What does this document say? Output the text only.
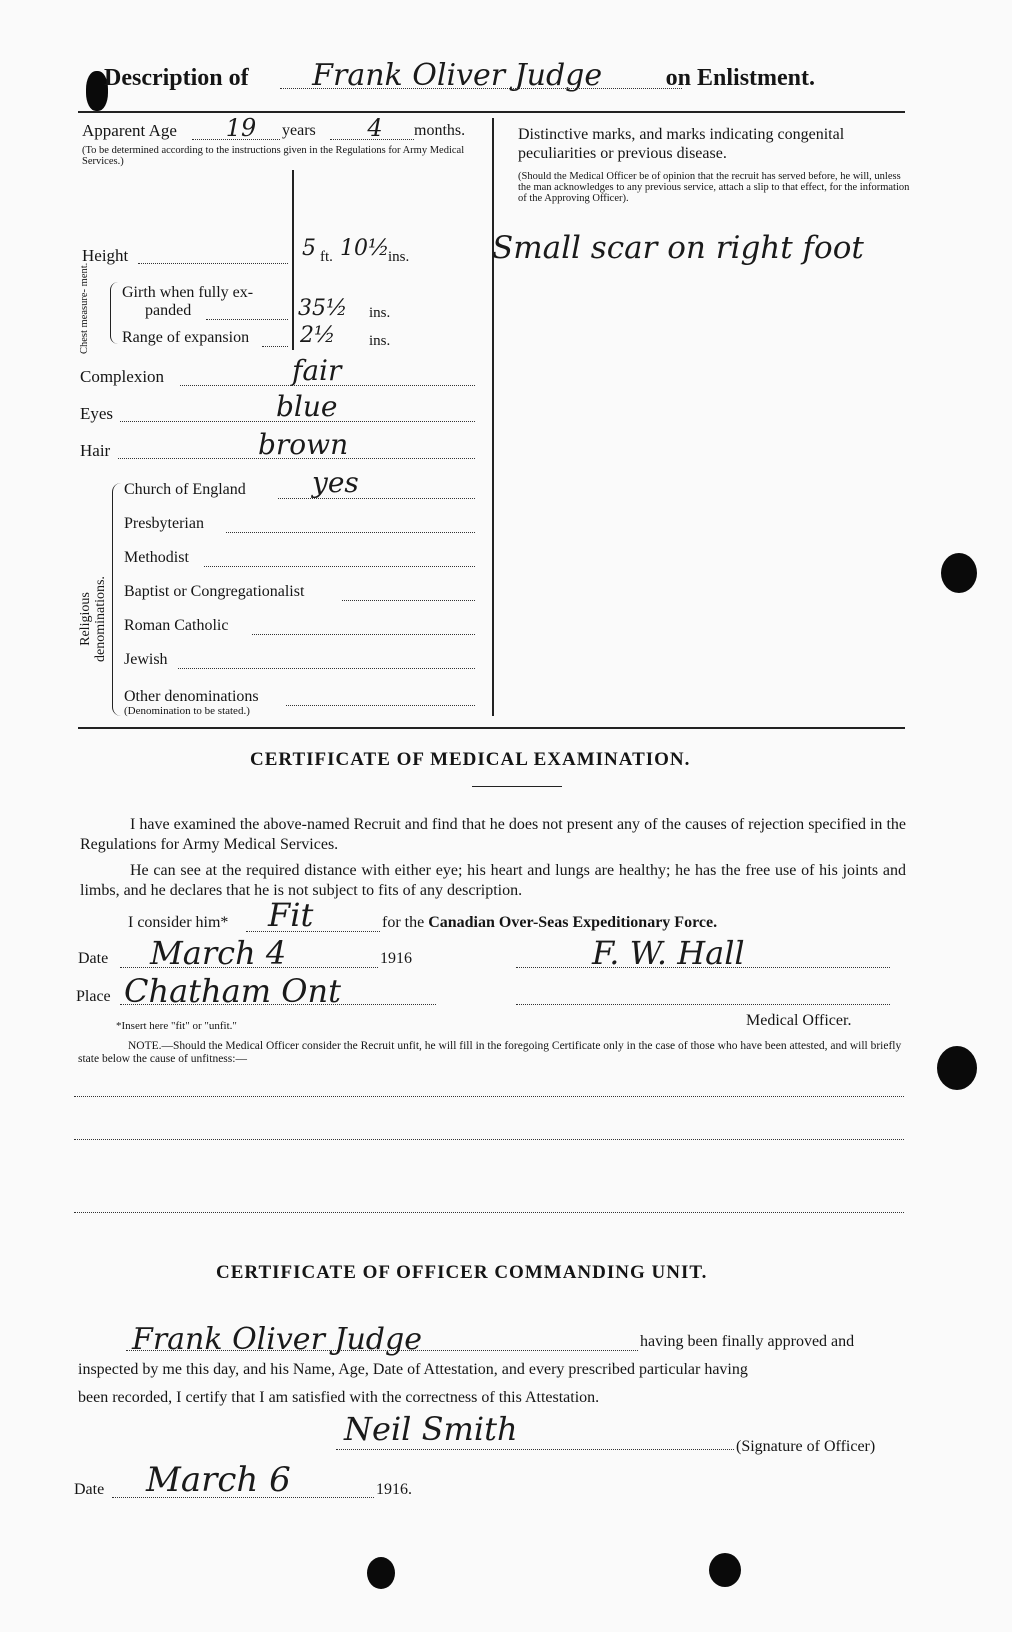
Description of Frank Oliver Judge	on Enlistment.
Apparent Age	19	years	4	months.
(To be determined according to the instructions given in the Regulations for Army Medical Services.)
Height	5 ft. 10½
ins.
Chest measure- ment.
Girth when fully ex-
panded	35½ ins.
Range of expansion 2½ ins.
Complexion	fair
Eyes	blue
Hair	brown
Religious denominations.
Church of England yes
Presbyterian
Methodist
Baptist or Congregationalist
Roman Catholic
Jewish
Other denominations
(Denomination to be stated.)
Distinctive marks, and marks indicating congenital peculiarities or previous disease.
(Should the Medical Officer be of opinion that the recruit has served before, he will, unless the man acknowledges to any previous service, attach a slip to that effect, for the information of the Approving Officer).
Small scar on right foot
CERTIFICATE OF MEDICAL EXAMINATION.
I have examined the above-named Recruit and find that he does not present any of the causes of rejection specified in the Regulations for Army Medical Services.
He can see at the required distance with either eye; his heart and lungs are healthy; he has the free use of his joints and limbs, and he declares that he is not subject to fits of any description.
I consider him* Fit	for the Canadian Over-Seas Expeditionary Force.
Date March 4	1916	F. W. Hall
Place Chatham Ont
Medical Officer.
*Insert here "fit" or "unfit."
NOTE.—Should the Medical Officer consider the Recruit unfit, he will fill in the foregoing Certificate only in the case of those who have been attested, and will briefly state below the cause of unfitness:—
CERTIFICATE OF OFFICER COMMANDING UNIT.
Frank Oliver Judge	having been finally approved and
inspected by me this day, and his Name, Age, Date of Attestation, and every prescribed particular having
been recorded, I certify that I am satisfied with the correctness of this Attestation.
Neil Smith	(Signature of Officer)
Date March 6	1916.
